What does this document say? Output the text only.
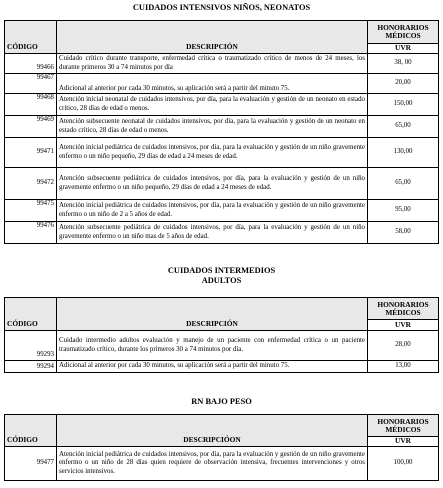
CUIDADOS INTENSIVOS NIÑOS, NEONATOS
CÓDIGO	DESCRIPCIÓN	HONORARIOS MÉDICOS
		UVR
99466	Cuidado crítico durante transporte, enfermedad crítica o traumatizado crítico de menos de 24 meses, los durante primeros 30 a 74 minutos por día	38, 00
99467	Adicional al anterior por cada 30 minutos, su aplicación será a partir del minuto 75.	20,00
99468	Atención inicial neonatal de cuidados intensivos, por día, para la evaluación y gestión de un neonato en estado crítico, 28 días de edad o menos.	150,00
99469	Atención subsecuente neonatal de cuidados intensivos, por día, para la evaluación y gestión de un neonato en estado crítico, 28 días de edad o menos.	65,00
99471	Atención inicial pediátrica de cuidados intensivos, por día, para la evaluación y gestión de un niño gravemente enfermo o un niño pequeño, 29 días de edad a 24 meses de edad.	130,00
99472	Atención subsecuente pediátrica de cuidados intensivos, por día, para la evaluación y gestión de un niño gravemente enfermo o un niño pequeño, 29 días de edad a 24 meses de edad.	65,00
99475	Atención inicial pediátrica de cuidados intensivos, por día, para la evaluación y gestión de un niño gravemente enfermo o un niño de 2 a 5 años de edad.	95,00
99476	Atención subsecuente pediátrica de cuidados intensivos, por día, para la evaluación y gestión de un niño gravemente enfermo o un niño mas de 5 años de edad.	58,00
CUIDADOS INTERMEDIOS
ADULTOS
CÓDIGO	DESCRIPCIÓN	HONORARIOS MÉDICOS
		UVR
99293	Cuidado intermedio adultos evaluación y manejo de un paciente con enfermedad crítica o un paciente traumatizado crítico, durante los primeros 30 a 74 minutos por día.	28,00
99294	Adicional al anterior por cada 30 minutos, su aplicación será a partir del minuto 75.	13,00
RN BAJO PESO
CÓDIGO	DESCRIPCIÓON	HONORARIOS MÉDICOS
		UVR
99477	Atención inicial pediátrica de cuidados intensivos, por día, para la evaluación y gestión de un niño gravemente enfermo o un niño de 28 días quien requiere de observación intensiva, frecuentes intervenciones y otros servicios intensivos.	100,00
